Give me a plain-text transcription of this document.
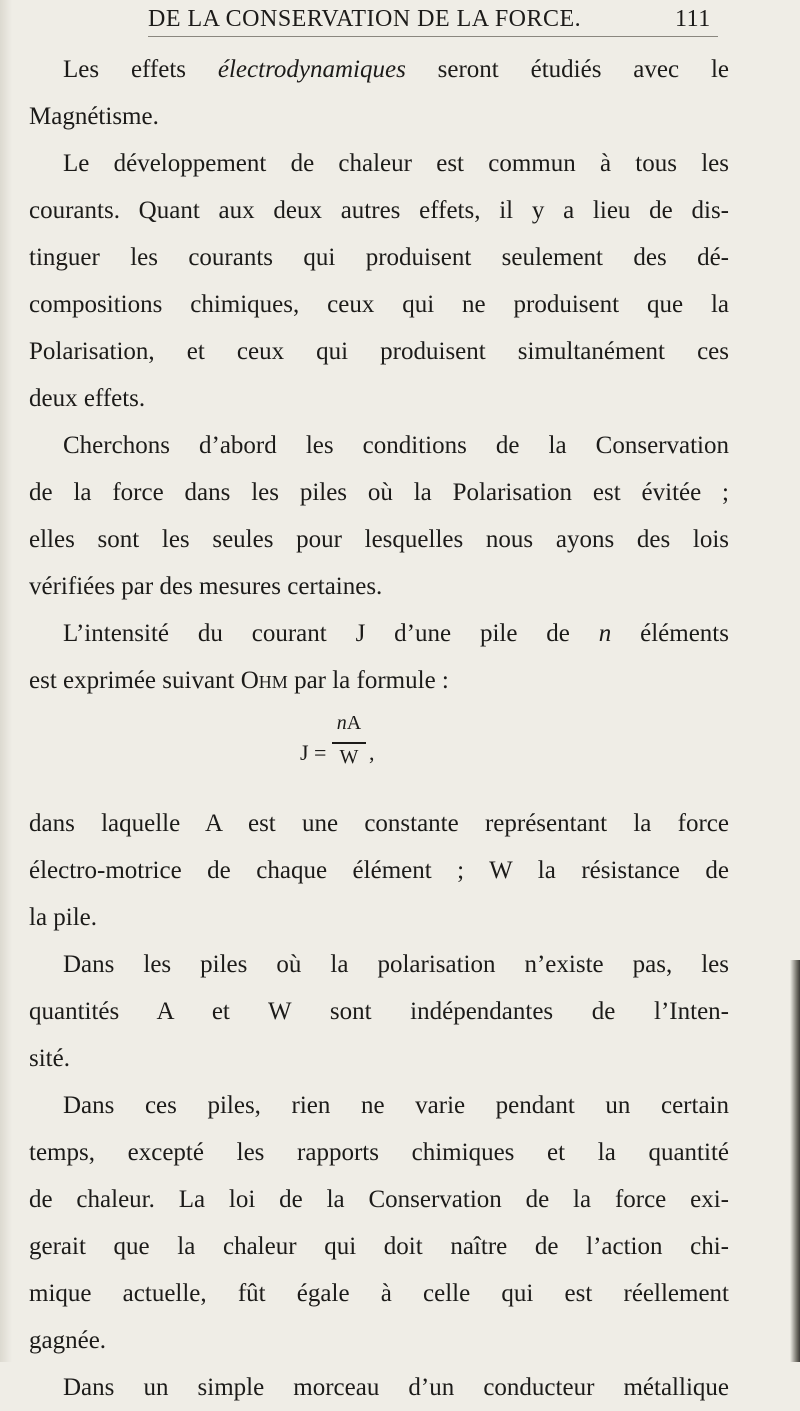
DE LA CONSERVATION DE LA FORCE.	111
Les effets électrodynamiques seront étudiés avec le
Magnétisme.
Le développement de chaleur est commun à tous les
courants. Quant aux deux autres effets, il y a lieu de dis-
tinguer les courants qui produisent seulement des dé-
compositions chimiques, ceux qui ne produisent que la
Polarisation, et ceux qui produisent simultanément ces
deux effets.
Cherchons d’abord les conditions de la Conservation
de la force dans les piles où la Polarisation est évitée ;
elles sont les seules pour lesquelles nous ayons des lois
vérifiées par des mesures certaines.
L’intensité du courant J d’une pile de n éléments
est exprimée suivant Ohm par la formule :
J =
nA
W ,
dans laquelle A est une constante représentant la force
électro-motrice de chaque élément ; W la résistance de
la pile.
Dans les piles où la polarisation n’existe pas, les
quantités A et W sont indépendantes de l’Inten-
sité.
Dans ces piles, rien ne varie pendant un certain
temps, excepté les rapports chimiques et la quantité
de chaleur. La loi de la Conservation de la force exi-
gerait que la chaleur qui doit naître de l’action chi-
mique actuelle, fût égale à celle qui est réellement
gagnée.
Dans un simple morceau d’un conducteur métallique
